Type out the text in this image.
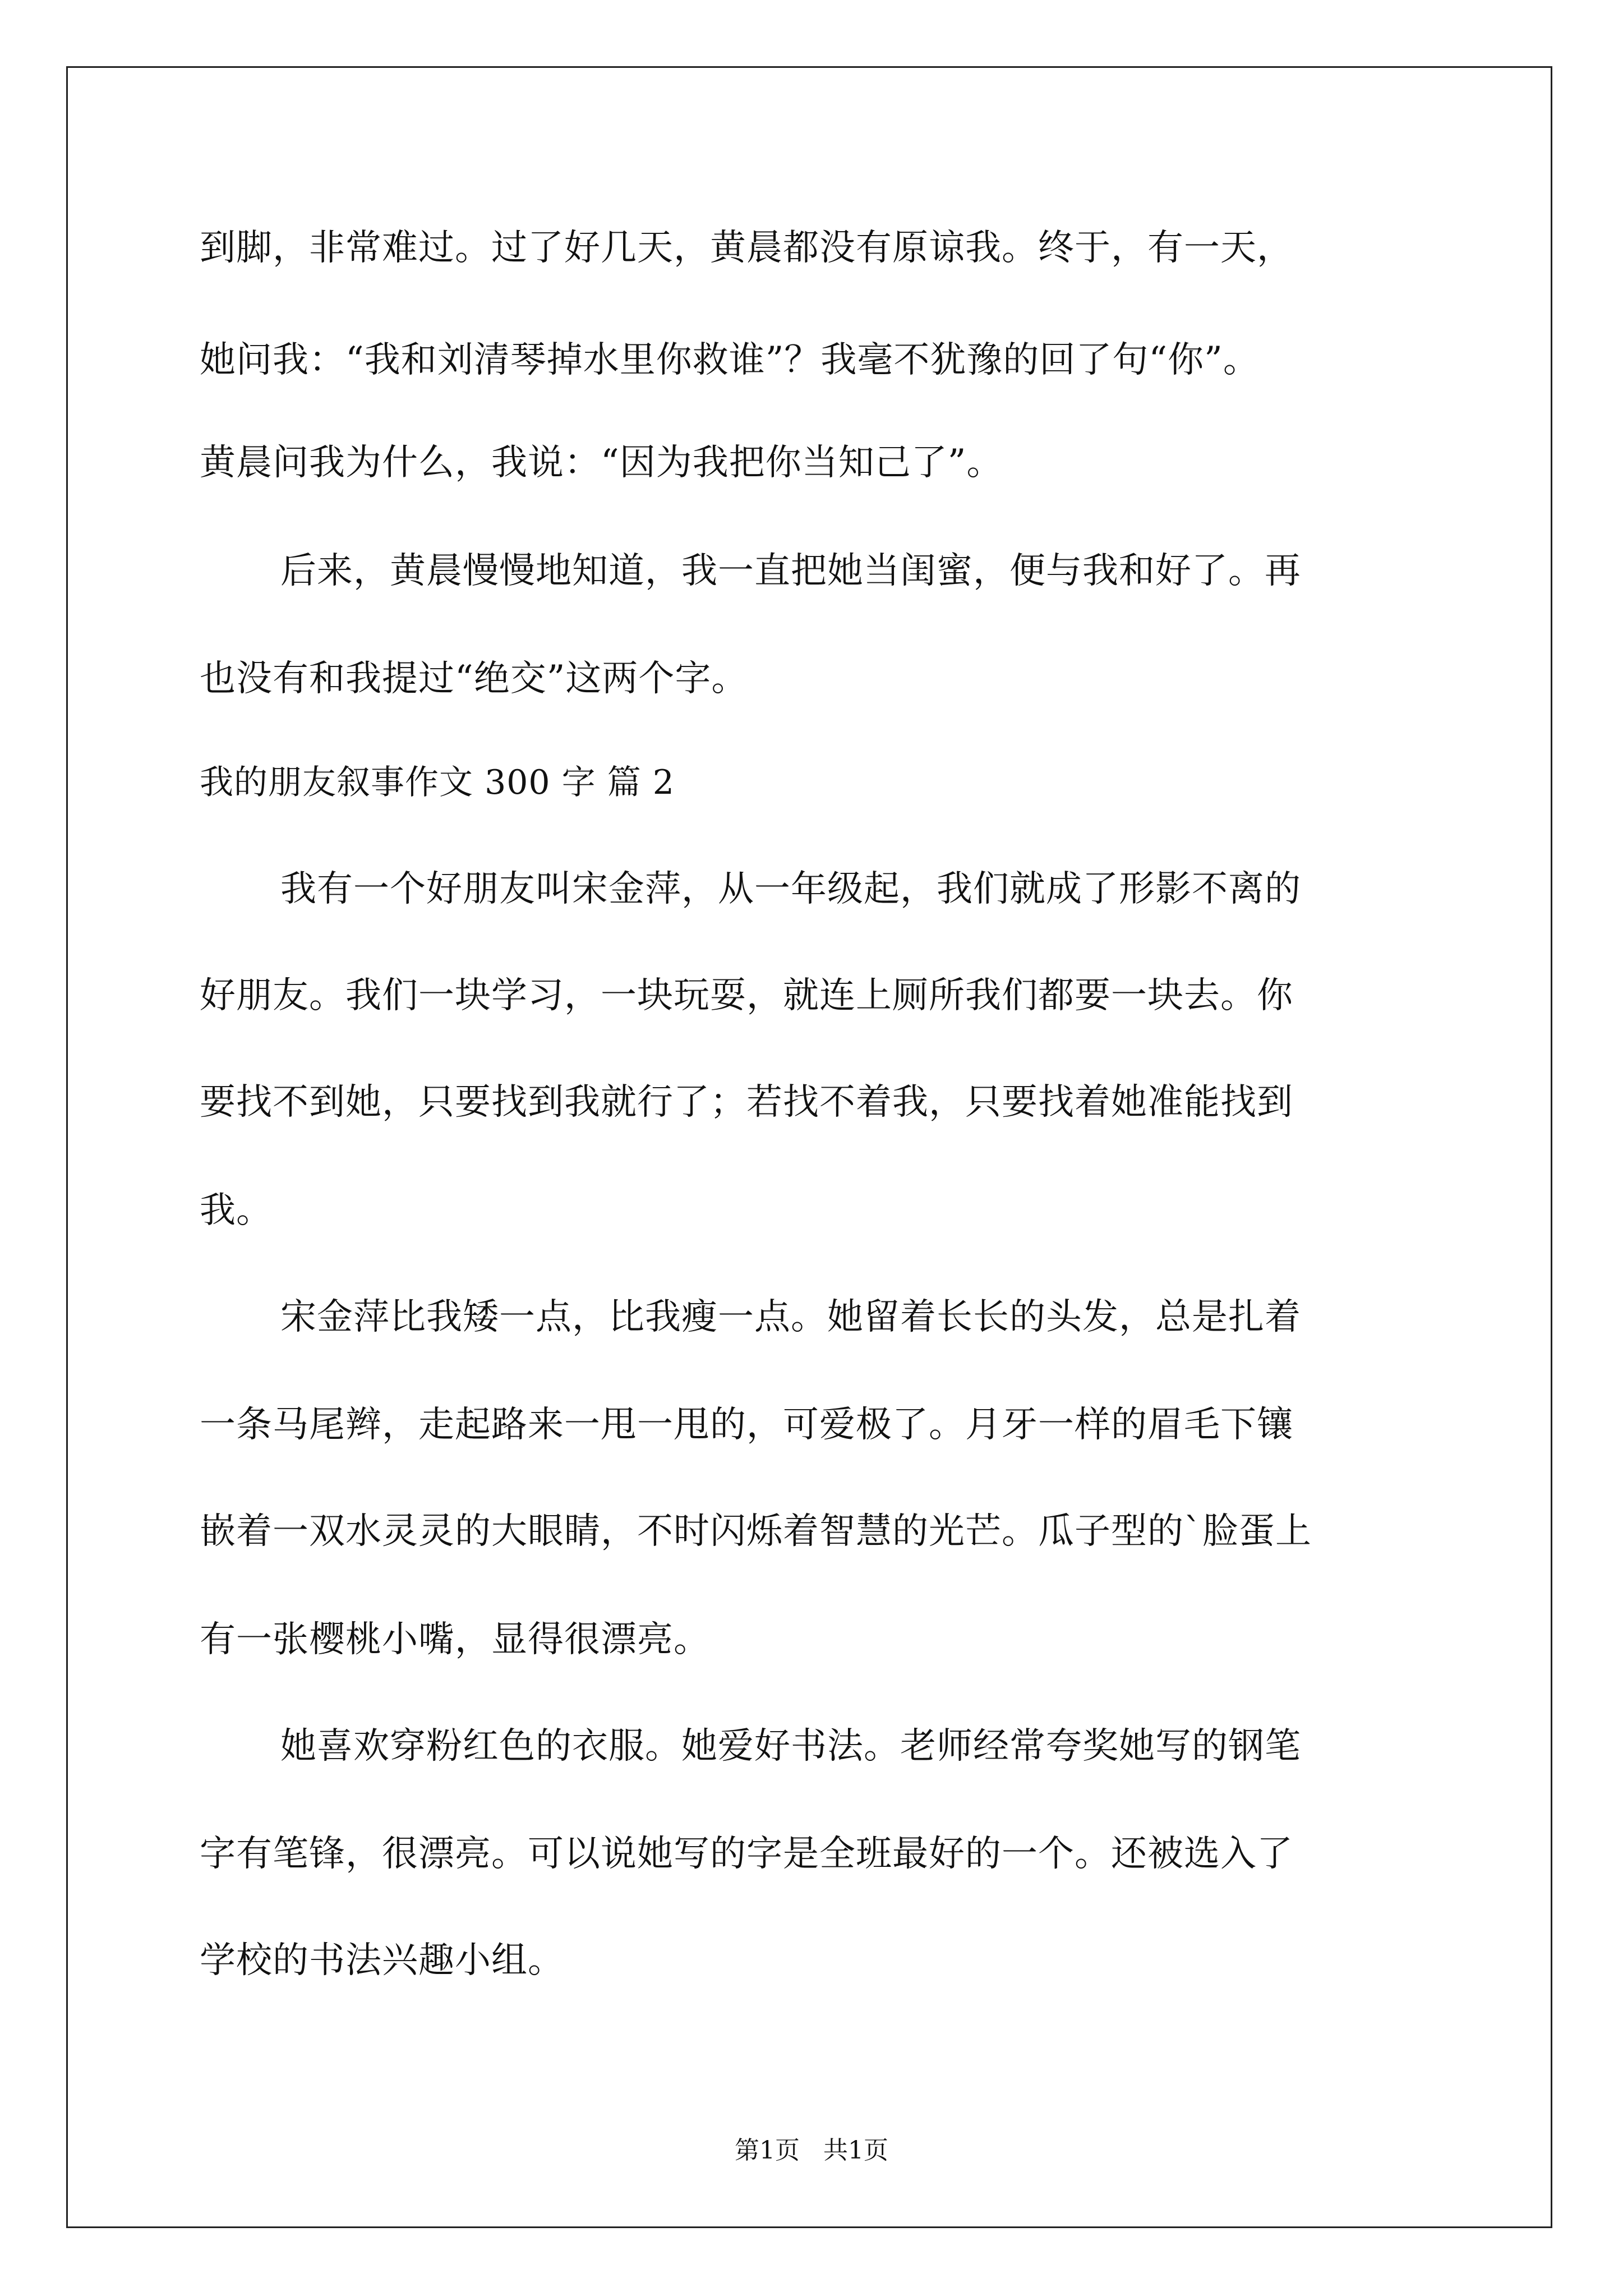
到脚，非常难过。过了好几天，黄晨都没有原谅我。终于，有一天，
她问我：“我和刘清琴掉水里你救谁”？我毫不犹豫的回了句“你”。
黄晨问我为什么，我说：“因为我把你当知己了”。
后来，黄晨慢慢地知道，我一直把她当闺蜜，便与我和好了。再
也没有和我提过“绝交”这两个字。
我的朋友叙事作文 300 字 篇 2
我有一个好朋友叫宋金萍，从一年级起，我们就成了形影不离的
好朋友。我们一块学习，一块玩耍，就连上厕所我们都要一块去。你
要找不到她，只要找到我就行了；若找不着我，只要找着她准能找到
我。
宋金萍比我矮一点，比我瘦一点。她留着长长的头发，总是扎着
一条马尾辫，走起路来一甩一甩的，可爱极了。月牙一样的眉毛下镶
嵌着一双水灵灵的大眼睛，不时闪烁着智慧的光芒。瓜子型的`脸蛋上
有一张樱桃小嘴，显得很漂亮。
她喜欢穿粉红色的衣服。她爱好书法。老师经常夸奖她写的钢笔
字有笔锋，很漂亮。可以说她写的字是全班最好的一个。还被选入了
学校的书法兴趣小组。
第1页   共1页
